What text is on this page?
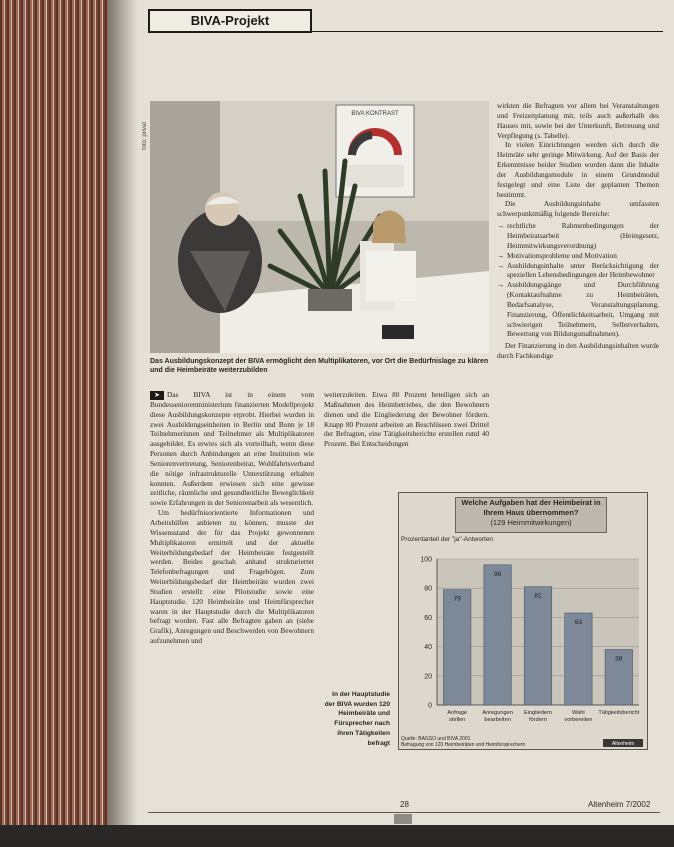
BIVA-Projekt
foto: privat
BIVA KONTRAST
Das Ausbildungskonzept der BIVA ermöglicht den Multiplikatoren, vor Ort die Bedürfnislage zu klären und die Heimbeiräte weiterzubilden

➤ Das BIVA ist in einem vom Bundesseniorenministerium finanzierten Modellprojekt diese Ausbildungskonzepte erprobt. Hierbei wurden in zwei Ausbildungseinheiten in Berlin und Bonn je 18 Teilnehmerinnen und Teilnehmer als Multiplikatoren ausgebildet. Es erwies sich als vorteilhaft, wenn diese Personen durch Anbindungen an eine Institution wie Seniorenvertretung, Seniorenbeirat, Wohlfahrtsverband die nötige infrastrukturelle Unterstützung erhalten konnten. Außerdem erwiesen sich eine gewisse zeitliche, räumliche und gesundheitliche Beweglichkeit sowie Erfahrungen in der Seniorenarbeit als wesentlich.

Um bedürfnisorientierte Informationen und Arbeitshilfen anbieten zu können, musste der Wissensstand der für das Projekt gewonnenen Multiplikatoren ermittelt und der aktuelle Weiterbildungsbedarf der Heimbeiräte festgestellt werden. Beides geschah anhand strukturierter Telefonbefragungen und Fragebögen. Zum Weiterbildungsbedarf der Heimbeiräte wurden zwei Studien erstellt: eine Pilotstudie sowie eine Hauptstudie. 120 Heimbeiräte und Heimfürsprecher waren in der Hauptstudie durch die Multiplikatoren befragt worden. Fast alle Befragten gaben an (siehe Grafik), Anregungen und Beschwerden von Bewohnern aufzunehmen und

weiterzuleiten. Etwa 80 Prozent beteiligen sich an Maßnahmen des Heimbetriebes, die den Bewohnern dienen und die Eingliederung der Bewohner fördern. Knapp 80 Prozent arbeiten an Beschlüssen zwei Drittel der Befragten, eine Tätigkeitsberichte erstellen rund 40 Prozent. Bei Entscheidungen

wirkten die Befragten vor allem bei Veranstaltungen und Freizeitplanung mit, teils auch außerhalb des Hauses mit, sowie bei der Unterkunft, Betreuung und Verpflegung (s. Tabelle).

In vielen Einrichtungen werden sich durch die Heimräte sehr geringe Mitwirkung. Auf der Basis der Erkenntnisse beider Studien wurden dann die Inhalte der Ausbildungsmodule in einem Grundmodul festgelegt und eine Liste der geplanten Themen bestimmt.

Die Ausbildungsinhalte umfassten schwerpunktmäßig folgende Bereiche:

→ rechtliche Rahmenbedingungen der Heimbeiratsarbeit (Heimgesetz, Heimmitwirkungsverordnung)
→ Motivationsprobleme und Motivation
→ Ausbildungsinhalte unter Berücksichtigung der speziellen Lebensbedingungen der Heimbewohner
→ Ausbildungsgänge und Durchführung (Kontaktaufnahme zu Heimbeiräten, Bedarfsanalyse, Veranstaltungsplanung, Finanzierung, Öffentlichkeitsarbeit, Umgang mit schwierigen Teilnehmern, Selbstverhalten, Bewertung von Bildungsmaßnahmen).

Der Finanzierung in den Ausbildungsinhalten wurde durch Fachkundige

In der Hauptstudie der BIVA wurden 120 Heimbeiräte und Fürsprecher nach ihren Tätigkeiten befragt
Welche Aufgaben hat der Heimbeirat in Ihrem Haus übernommen?
(129 Heimmitwirkungen)
Prozentanteil der "ja"-Antworten
0
20
40
60
80
100
79
Anfrage
stellen
96
Anregungen
bearbeiten
81
Eingliedern
fördern
63
Wahl
vorbereiten
38
Tätigkeitsbericht
Altenheim
Quelle: BAGSO und BIVA 2001
Befragung von 120 Heimbeiräten und Heimfürsprechern
28	Altenheim 7/2002
